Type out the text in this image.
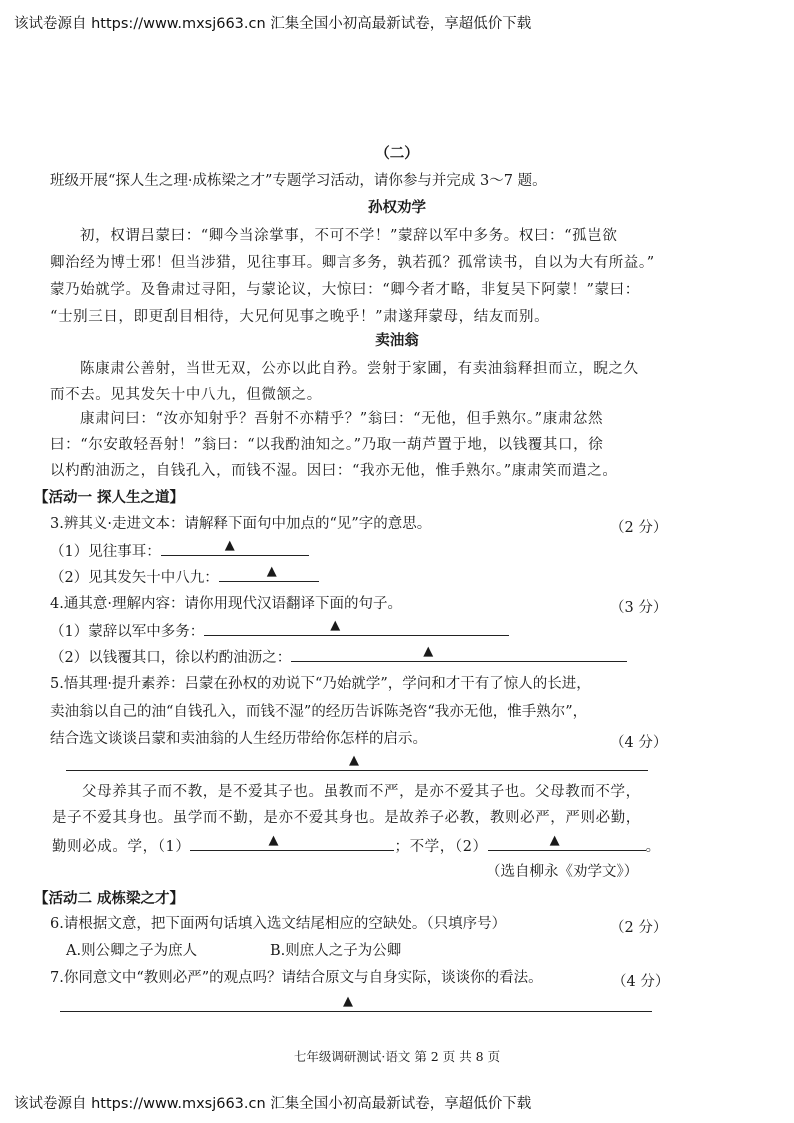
该试卷源自 https://www.mxsj663.cn 汇集全国小初高最新试卷，享超低价下载
（二）
班级开展“探人生之理·成栋梁之才”专题学习活动，请你参与并完成 3～7 题。
孙权劝学
初，权谓吕蒙曰：“卿今当涂掌事，不可不学！”蒙辞以军中多务。权曰：“孤岂欲
卿治经为博士邪！但当涉猎，见往事耳。卿言多务，孰若孤？孤常读书，自以为大有所益。”
蒙乃始就学。及鲁肃过寻阳，与蒙论议，大惊曰：“卿今者才略，非复吴下阿蒙！”蒙曰：
“士别三日，即更刮目相待，大兄何见事之晚乎！”肃遂拜蒙母，结友而别。
卖油翁
陈康肃公善射，当世无双，公亦以此自矜。尝射于家圃，有卖油翁释担而立，睨之久
而不去。见其发矢十中八九，但微颔之。
康肃问曰：“汝亦知射乎？吾射不亦精乎？”翁曰：“无他，但手熟尔。”康肃忿然
曰：“尔安敢轻吾射！”翁曰：“以我酌油知之。”乃取一葫芦置于地，以钱覆其口，徐
以杓酌油沥之，自钱孔入，而钱不湿。因曰：“我亦无他，惟手熟尔。”康肃笑而遣之。
【活动一 探人生之道】
3.辨其义·走进文本：请解释下面句中加点的“见”字的意思。	（2 分）
（1）见往事耳：	▲
（2）见其发矢十中八九：	▲
4.通其意·理解内容：请你用现代汉语翻译下面的句子。	（3 分）
（1）蒙辞以军中多务：	▲
（2）以钱覆其口，徐以杓酌油沥之：	▲
5.悟其理·提升素养：吕蒙在孙权的劝说下“乃始就学”，学问和才干有了惊人的长进，
卖油翁以自己的油“自钱孔入，而钱不湿”的经历告诉陈尧咨“我亦无他，惟手熟尔”，
结合选文谈谈吕蒙和卖油翁的人生经历带给你怎样的启示。	（4 分）
▲
父母养其子而不教，是不爱其子也。虽教而不严，是亦不爱其子也。父母教而不学，
是子不爱其身也。虽学而不勤，是亦不爱其身也。是故养子必教，教则必严，严则必勤，
勤则必成。学，（1）	▲	；不学，（2）	▲	。
（选自柳永《劝学文》）
【活动二 成栋梁之才】
6.请根据文意，把下面两句话填入选文结尾相应的空缺处。（只填序号）	（2 分）
A.则公卿之子为庶人	B.则庶人之子为公卿
7.你同意文中“教则必严”的观点吗？请结合原文与自身实际，谈谈你的看法。	（4 分）
▲
七年级调研测试·语文 第 2 页 共 8 页
该试卷源自 https://www.mxsj663.cn 汇集全国小初高最新试卷，享超低价下载
